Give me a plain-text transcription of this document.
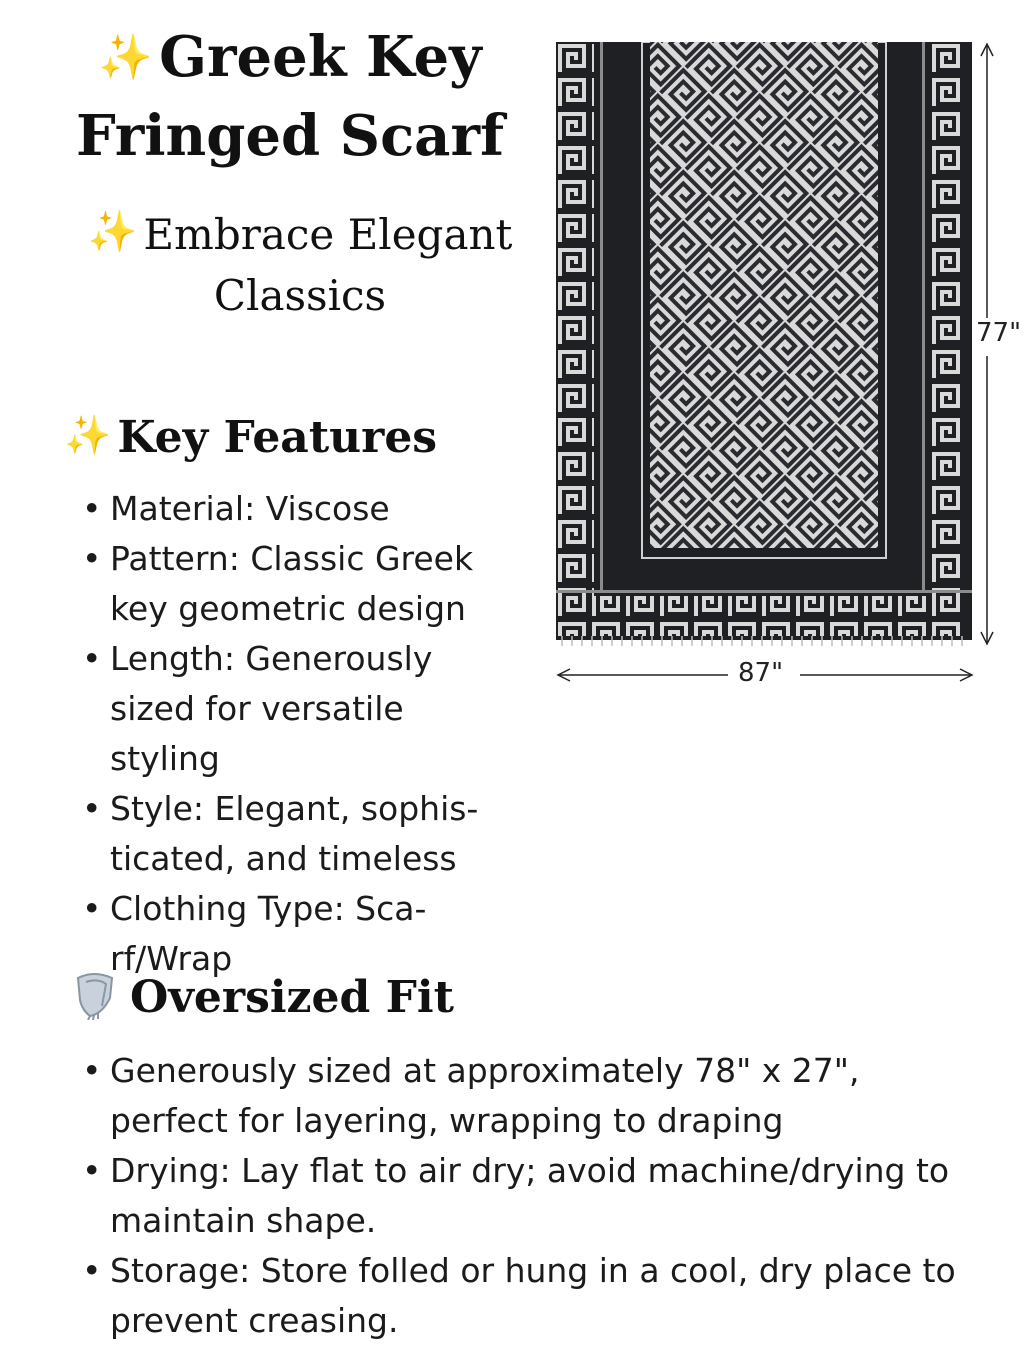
✨ Greek Key
Fringed Scarf
✨ Embrace Elegant
Classics
✨ Key Features
• Material: Viscose
• Pattern: Classic Greek key geometric design
• Length: Generously sized for versatile styling
• Style: Elegant, sophis-ticated, and timeless
• Clothing Type: Sca-rf/Wrap
Oversized Fit
• Generously sized at approximately 78" x 27", perfect for layering, wrapping to draping
• Drying: Lay flat to air dry; avoid machine/drying to maintain shape.
• Storage: Store folled or hung in a cool, dry place to prevent creasing.
77"
87"
